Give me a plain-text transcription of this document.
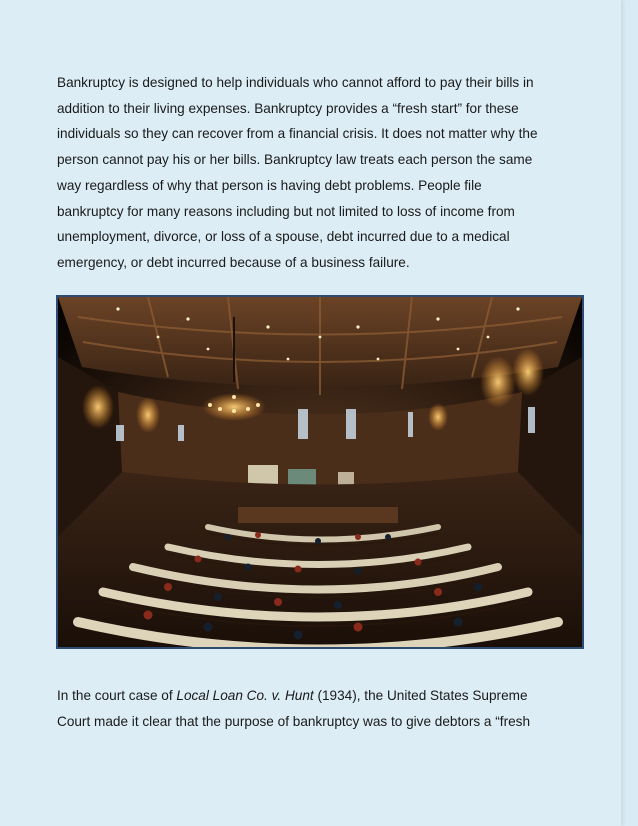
Bankruptcy is designed to help individuals who cannot afford to pay their bills in
addition to their living expenses. Bankruptcy provides a “fresh start” for these
individuals so they can recover from a financial crisis. It does not matter why the
person cannot pay his or her bills. Bankruptcy law treats each person the same
way regardless of why that person is having debt problems. People file
bankruptcy for many reasons including but not limited to loss of income from
unemployment, divorce, or loss of a spouse, debt incurred due to a medical
emergency, or debt incurred because of a business failure.

In the court case of Local Loan Co. v. Hunt (1934), the United States Supreme
Court made it clear that the purpose of bankruptcy was to give debtors a “fresh
